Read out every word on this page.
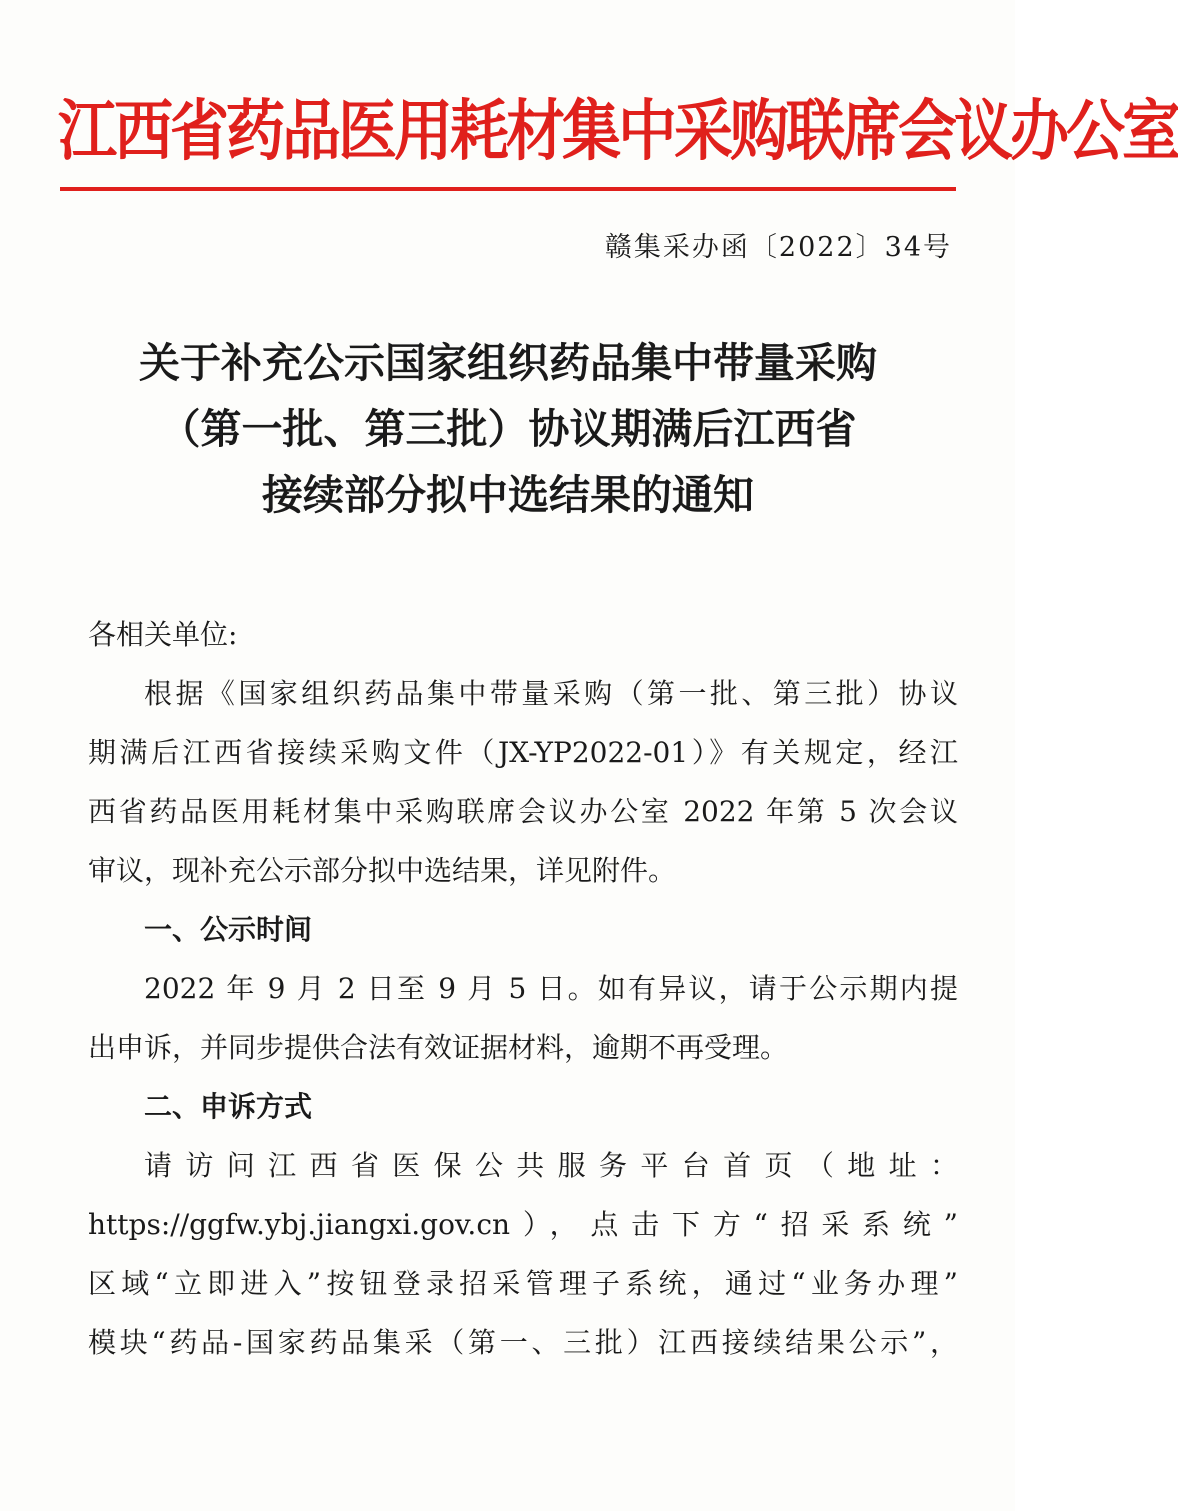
江西省药品医用耗材集中采购联席会议办公室
赣集采办函〔2022〕34号
关于补充公示国家组织药品集中带量采购
（第一批、第三批）协议期满后江西省
接续部分拟中选结果的通知

各相关单位:

根据《国家组织药品集中带量采购（第一批、第三批）协议
期满后江西省接续采购文件（JX-YP2022-01）》有关规定，经江
西省药品医用耗材集中采购联席会议办公室 2022 年第 5 次会议
审议，现补充公示部分拟中选结果，详见附件。

一、公示时间

2022 年 9 月 2 日至 9 月 5 日。如有异议，请于公示期内提
出申诉，并同步提供合法有效证据材料，逾期不再受理。

二、申诉方式

请访问江西省医保公共服务平台首页（地址：
https://ggfw.ybj.jiangxi.gov.cn），点击下方“招采系统”
区域“立即进入”按钮登录招采管理子系统，通过“业务办理”
模块“药品-国家药品集采（第一、三批）江西接续结果公示”，
